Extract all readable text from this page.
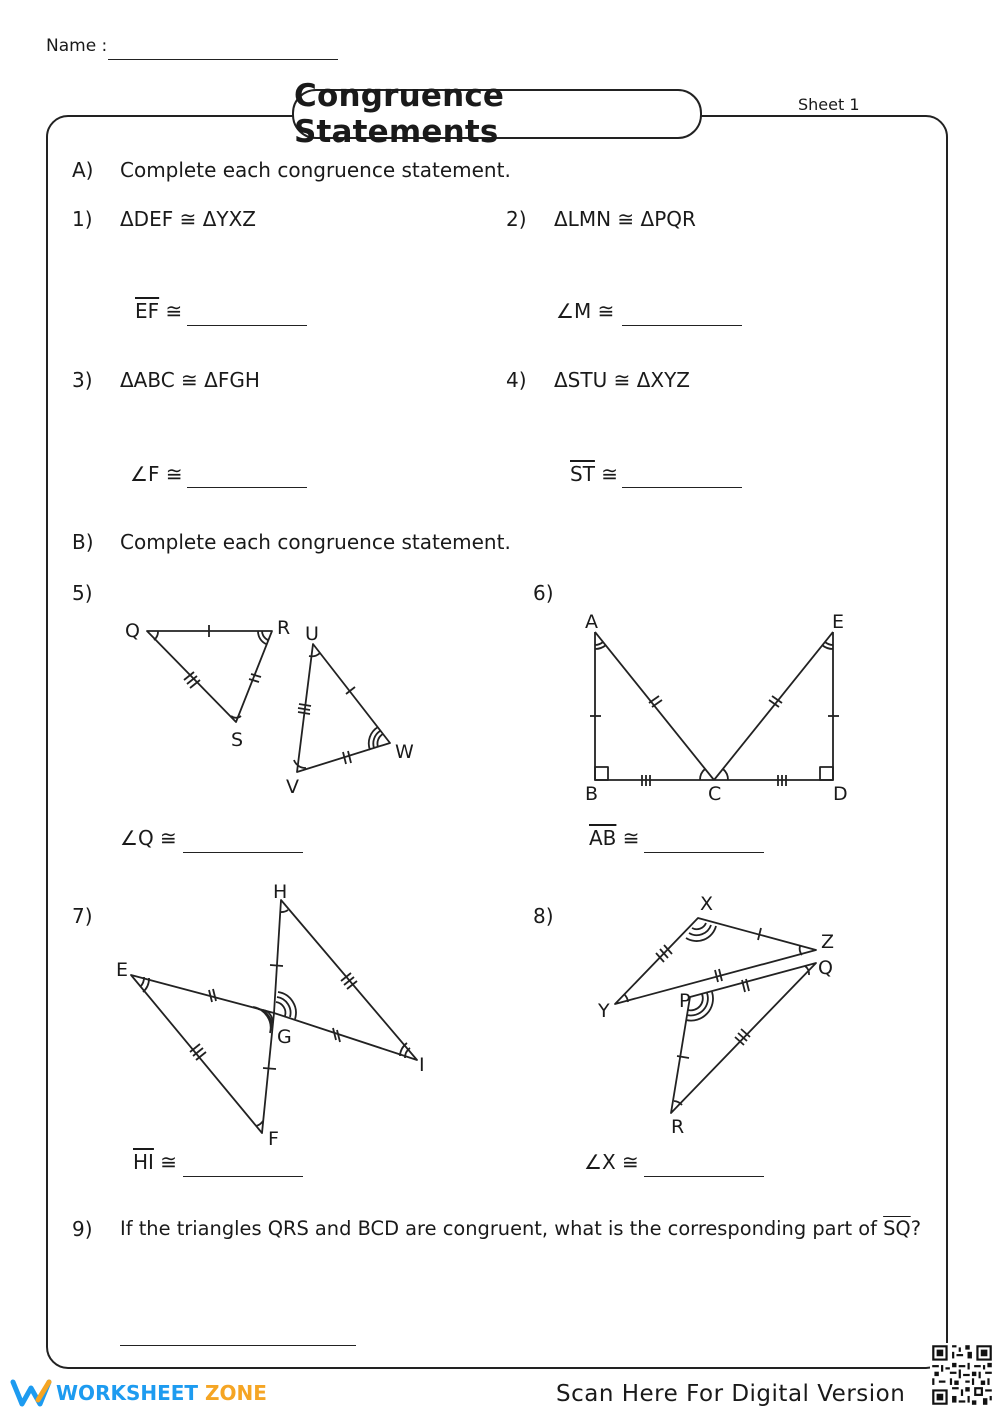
Name :
Sheet 1
Congruence Statements
A) Complete each congruence statement.
1) ΔDEF ≅ ΔYXZ
$\overline{EF}$ ≅
2) ΔLMN ≅ ΔPQR
∠M ≅
3) ΔABC ≅ ΔFGH
∠F ≅
4) ΔSTU ≅ ΔXYZ
$\overline{ST}$ ≅
B) Complete each congruence statement.
5)	6)
7)	8)
Q	R
S
U
W
V
A	E
B	C	D
H
E
G
I
F
X
Z
Q
Y	P
R
∠Q ≅	$\overline{AB}$ ≅
$\overline{HI}$ ≅	∠X ≅
9) If the triangles QRS and BCD are congruent, what is the corresponding part of $\overline{SQ}$?
WORKSHEET ZONE	Scan Here For Digital Version
